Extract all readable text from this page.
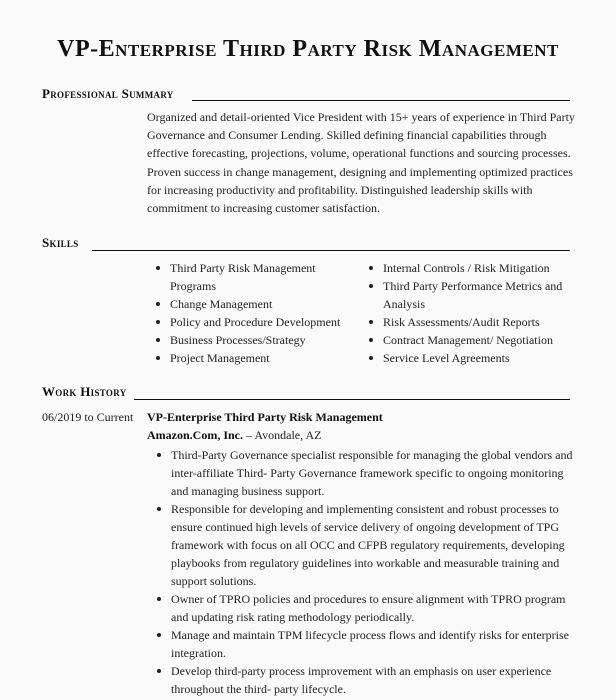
VP-Enterprise Third Party Risk Management
Professional Summary

Organized and detail-oriented Vice President with 15+ years of experience in Third Party Governance and Consumer Lending. Skilled defining financial capabilities through effective forecasting, projections, volume, operational functions and sourcing processes. Proven success in change management, designing and implementing optimized practices for increasing productivity and profitability. Distinguished leadership skills with commitment to increasing customer satisfaction.

Skills
Third Party Risk Management Programs
Change Management
Policy and Procedure Development
Business Processes/Strategy
Project Management
Internal Controls / Risk Mitigation
Third Party Performance Metrics and Analysis
Risk Assessments/Audit Reports
Contract Management/ Negotiation
Service Level Agreements
Work History
06/2019 to Current VP-Enterprise Third Party Risk Management
Amazon.Com, Inc. – Avondale, AZ
Third-Party Governance specialist responsible for managing the global vendors and inter-affiliate Third- Party Governance framework specific to ongoing monitoring and managing business support.
Responsible for developing and implementing consistent and robust processes to ensure continued high levels of service delivery of ongoing development of TPG framework with focus on all OCC and CFPB regulatory requirements, developing playbooks from regulatory guidelines into workable and measurable training and support solutions.
Owner of TPRO policies and procedures to ensure alignment with TPRO program and updating risk rating methodology periodically.
Manage and maintain TPM lifecycle process flows and identify risks for enterprise integration.
Develop third-party process improvement with an emphasis on user experience throughout the third- party lifecycle.
